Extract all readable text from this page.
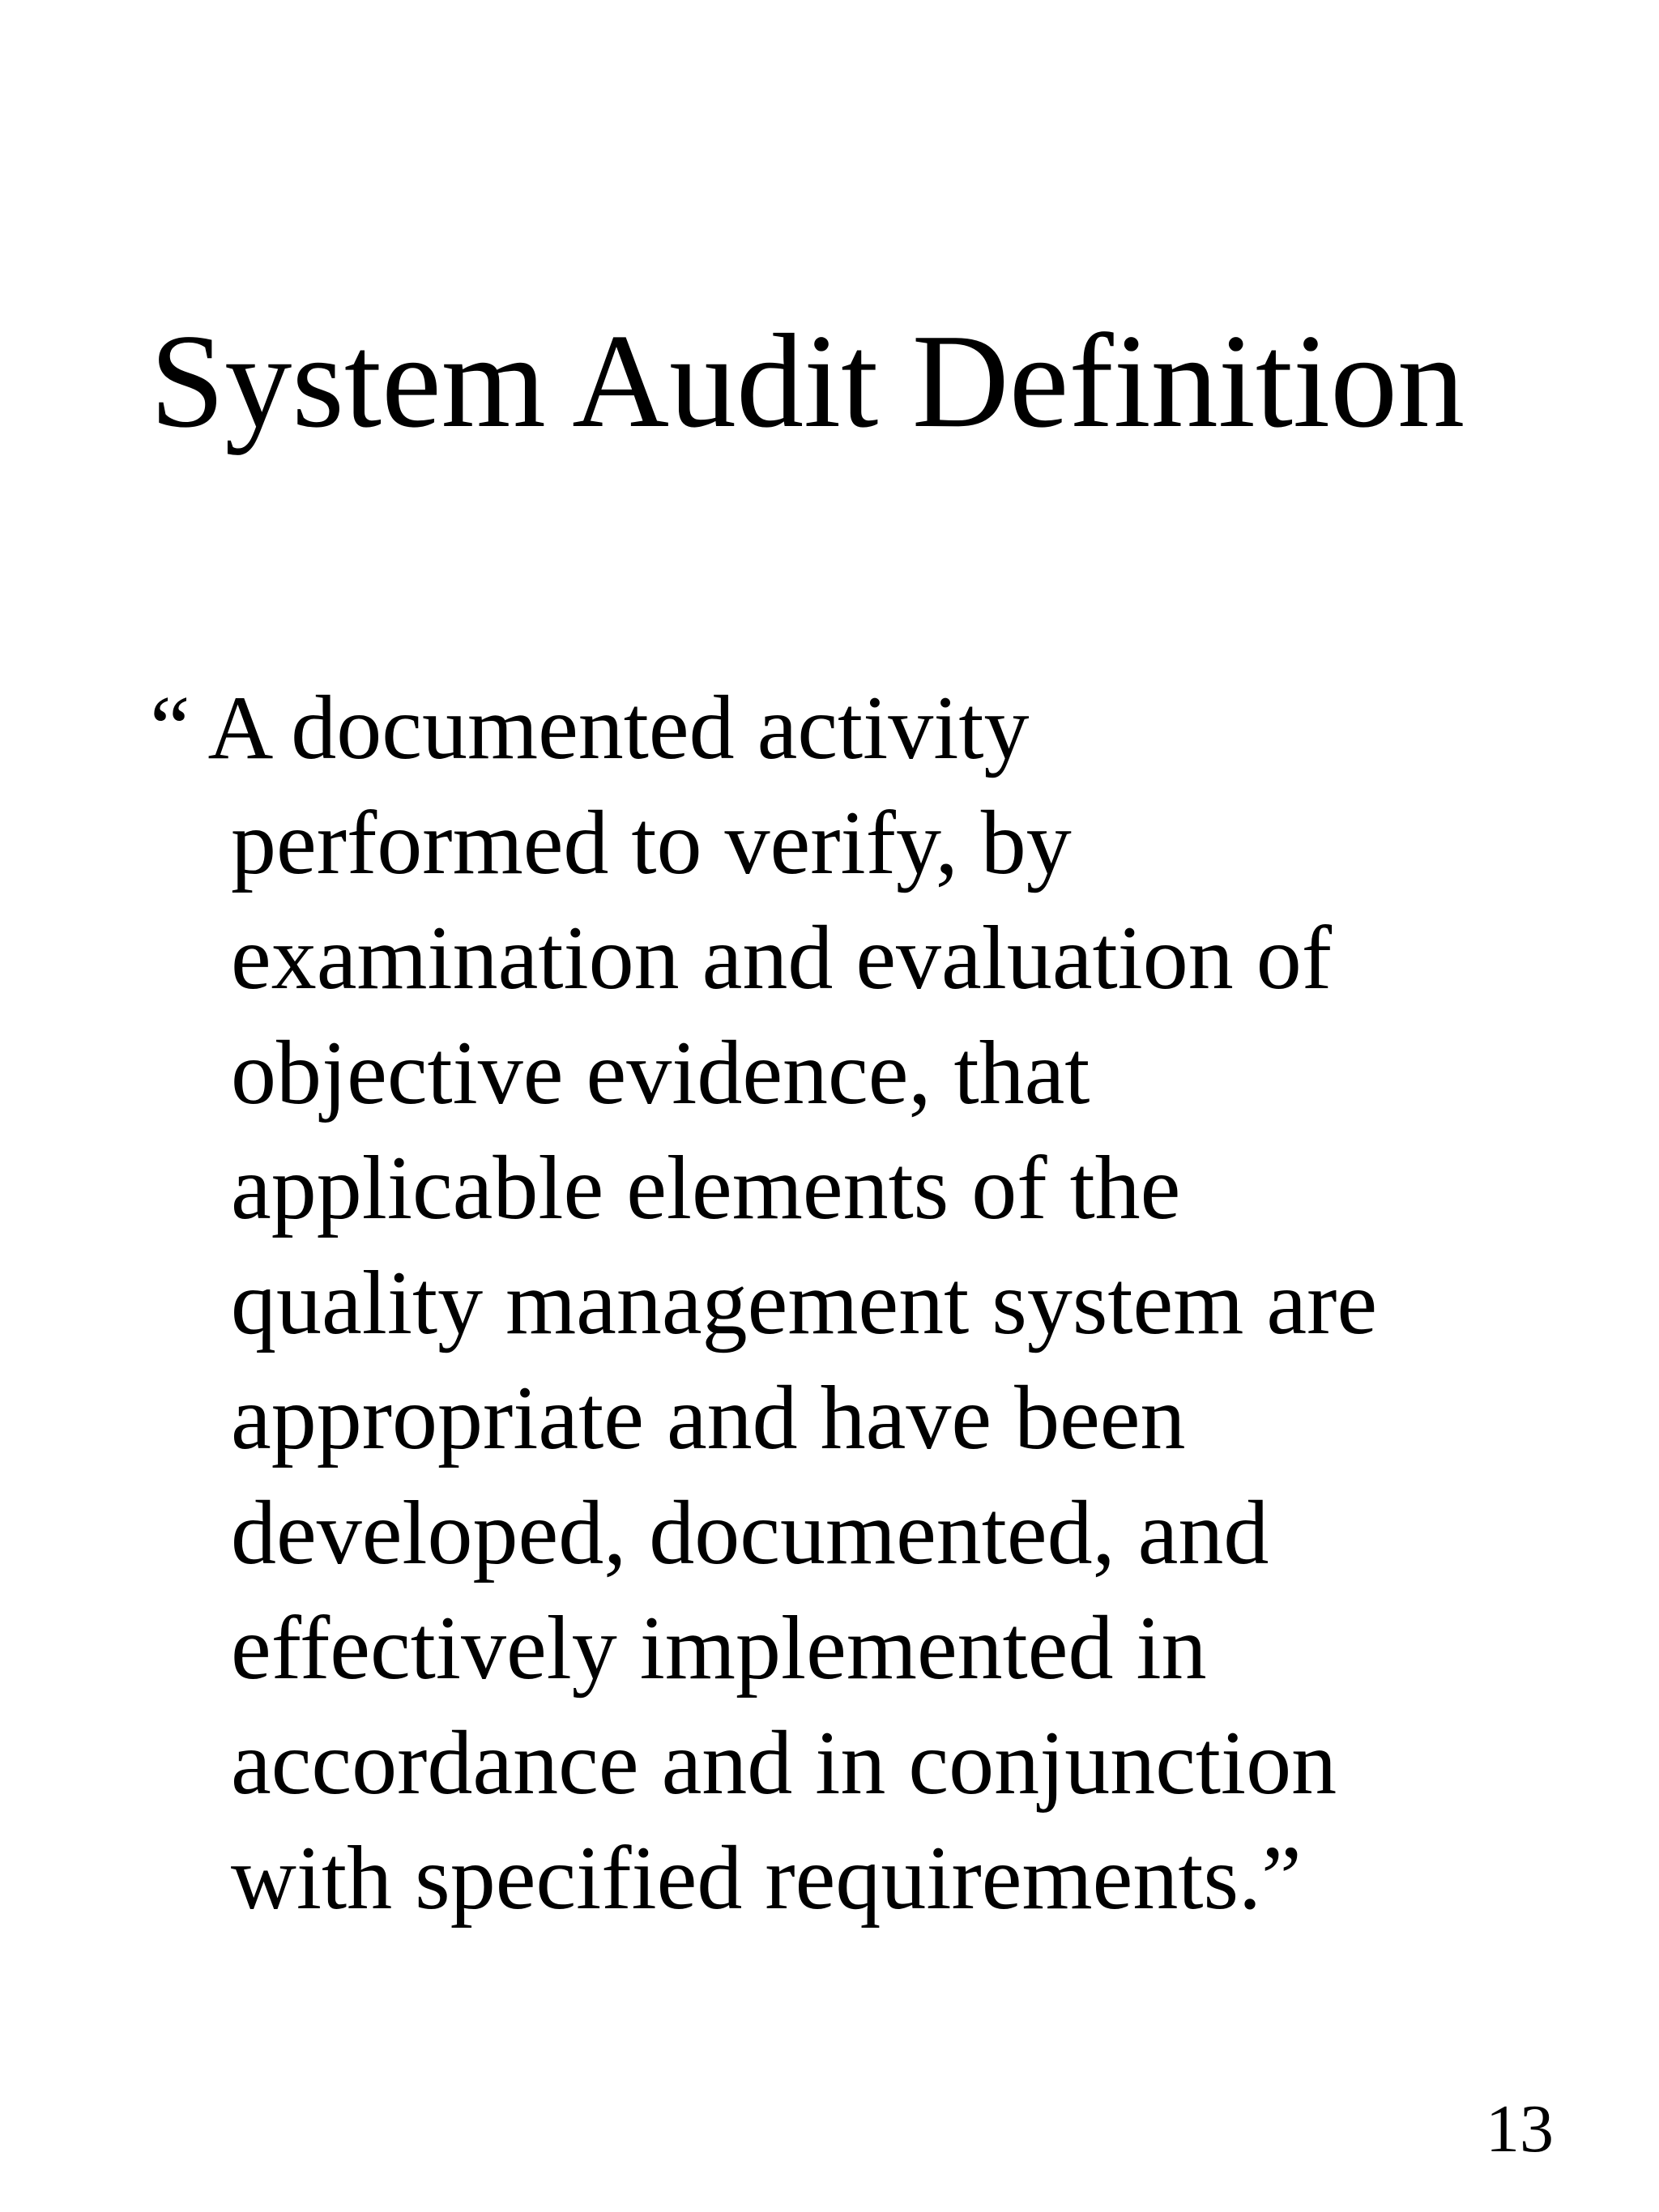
System Audit Definition
“ A documented activity
performed to verify, by
examination and evaluation of
objective evidence, that
applicable elements of the
quality management system are
appropriate and have been
developed, documented, and
effectively implemented in
accordance and in conjunction
with specified requirements.”
13
